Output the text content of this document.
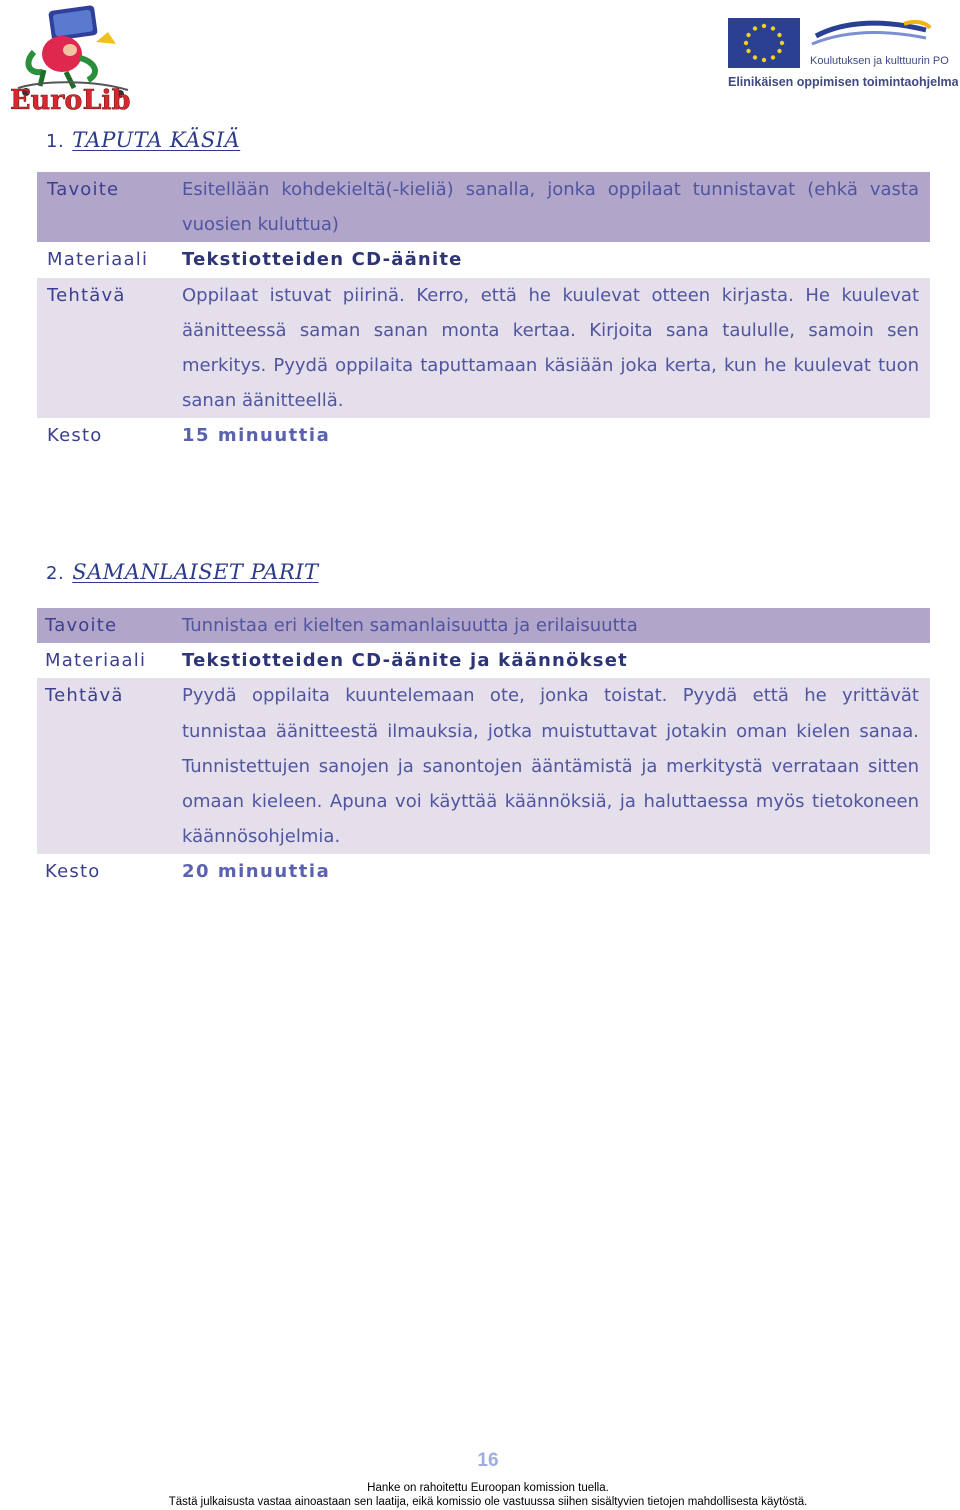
EuroLib
Koulutuksen ja kulttuurin PO
Elinikäisen oppimisen toimintaohjelma
1. TAPUTA KÄSIÄ
Tavoite	Esitellään kohdekieltä(-kieliä) sanalla, jonka oppilaat tunnistavat (ehkä vasta vuosien kuluttua)
Materiaali	Tekstiotteiden CD-äänite
Tehtävä	Oppilaat istuvat piirinä. Kerro, että he kuulevat otteen kirjasta. He kuulevat äänitteessä saman sanan monta kertaa. Kirjoita sana taululle, samoin sen merkitys. Pyydä oppilaita taputtamaan käsiään joka kerta, kun he kuulevat tuon sanan äänitteellä.
Kesto	15 minuuttia
2. SAMANLAISET PARIT
Tavoite	Tunnistaa eri kielten samanlaisuutta ja erilaisuutta
Materiaali	Tekstiotteiden CD-äänite ja käännökset
Tehtävä	Pyydä oppilaita kuuntelemaan ote, jonka toistat. Pyydä että he yrittävät tunnistaa äänitteestä ilmauksia, jotka muistuttavat jotakin oman kielen sanaa. Tunnistettujen sanojen ja sanontojen ääntämistä ja merkitystä verrataan sitten omaan kieleen. Apuna voi käyttää käännöksiä, ja haluttaessa myös tietokoneen käännösohjelmia.
Kesto	20 minuuttia
16
Hanke on rahoitettu Euroopan komission tuella.
Tästä julkaisusta vastaa ainoastaan sen laatija, eikä komissio ole vastuussa siihen sisältyvien tietojen mahdollisesta käytöstä.
